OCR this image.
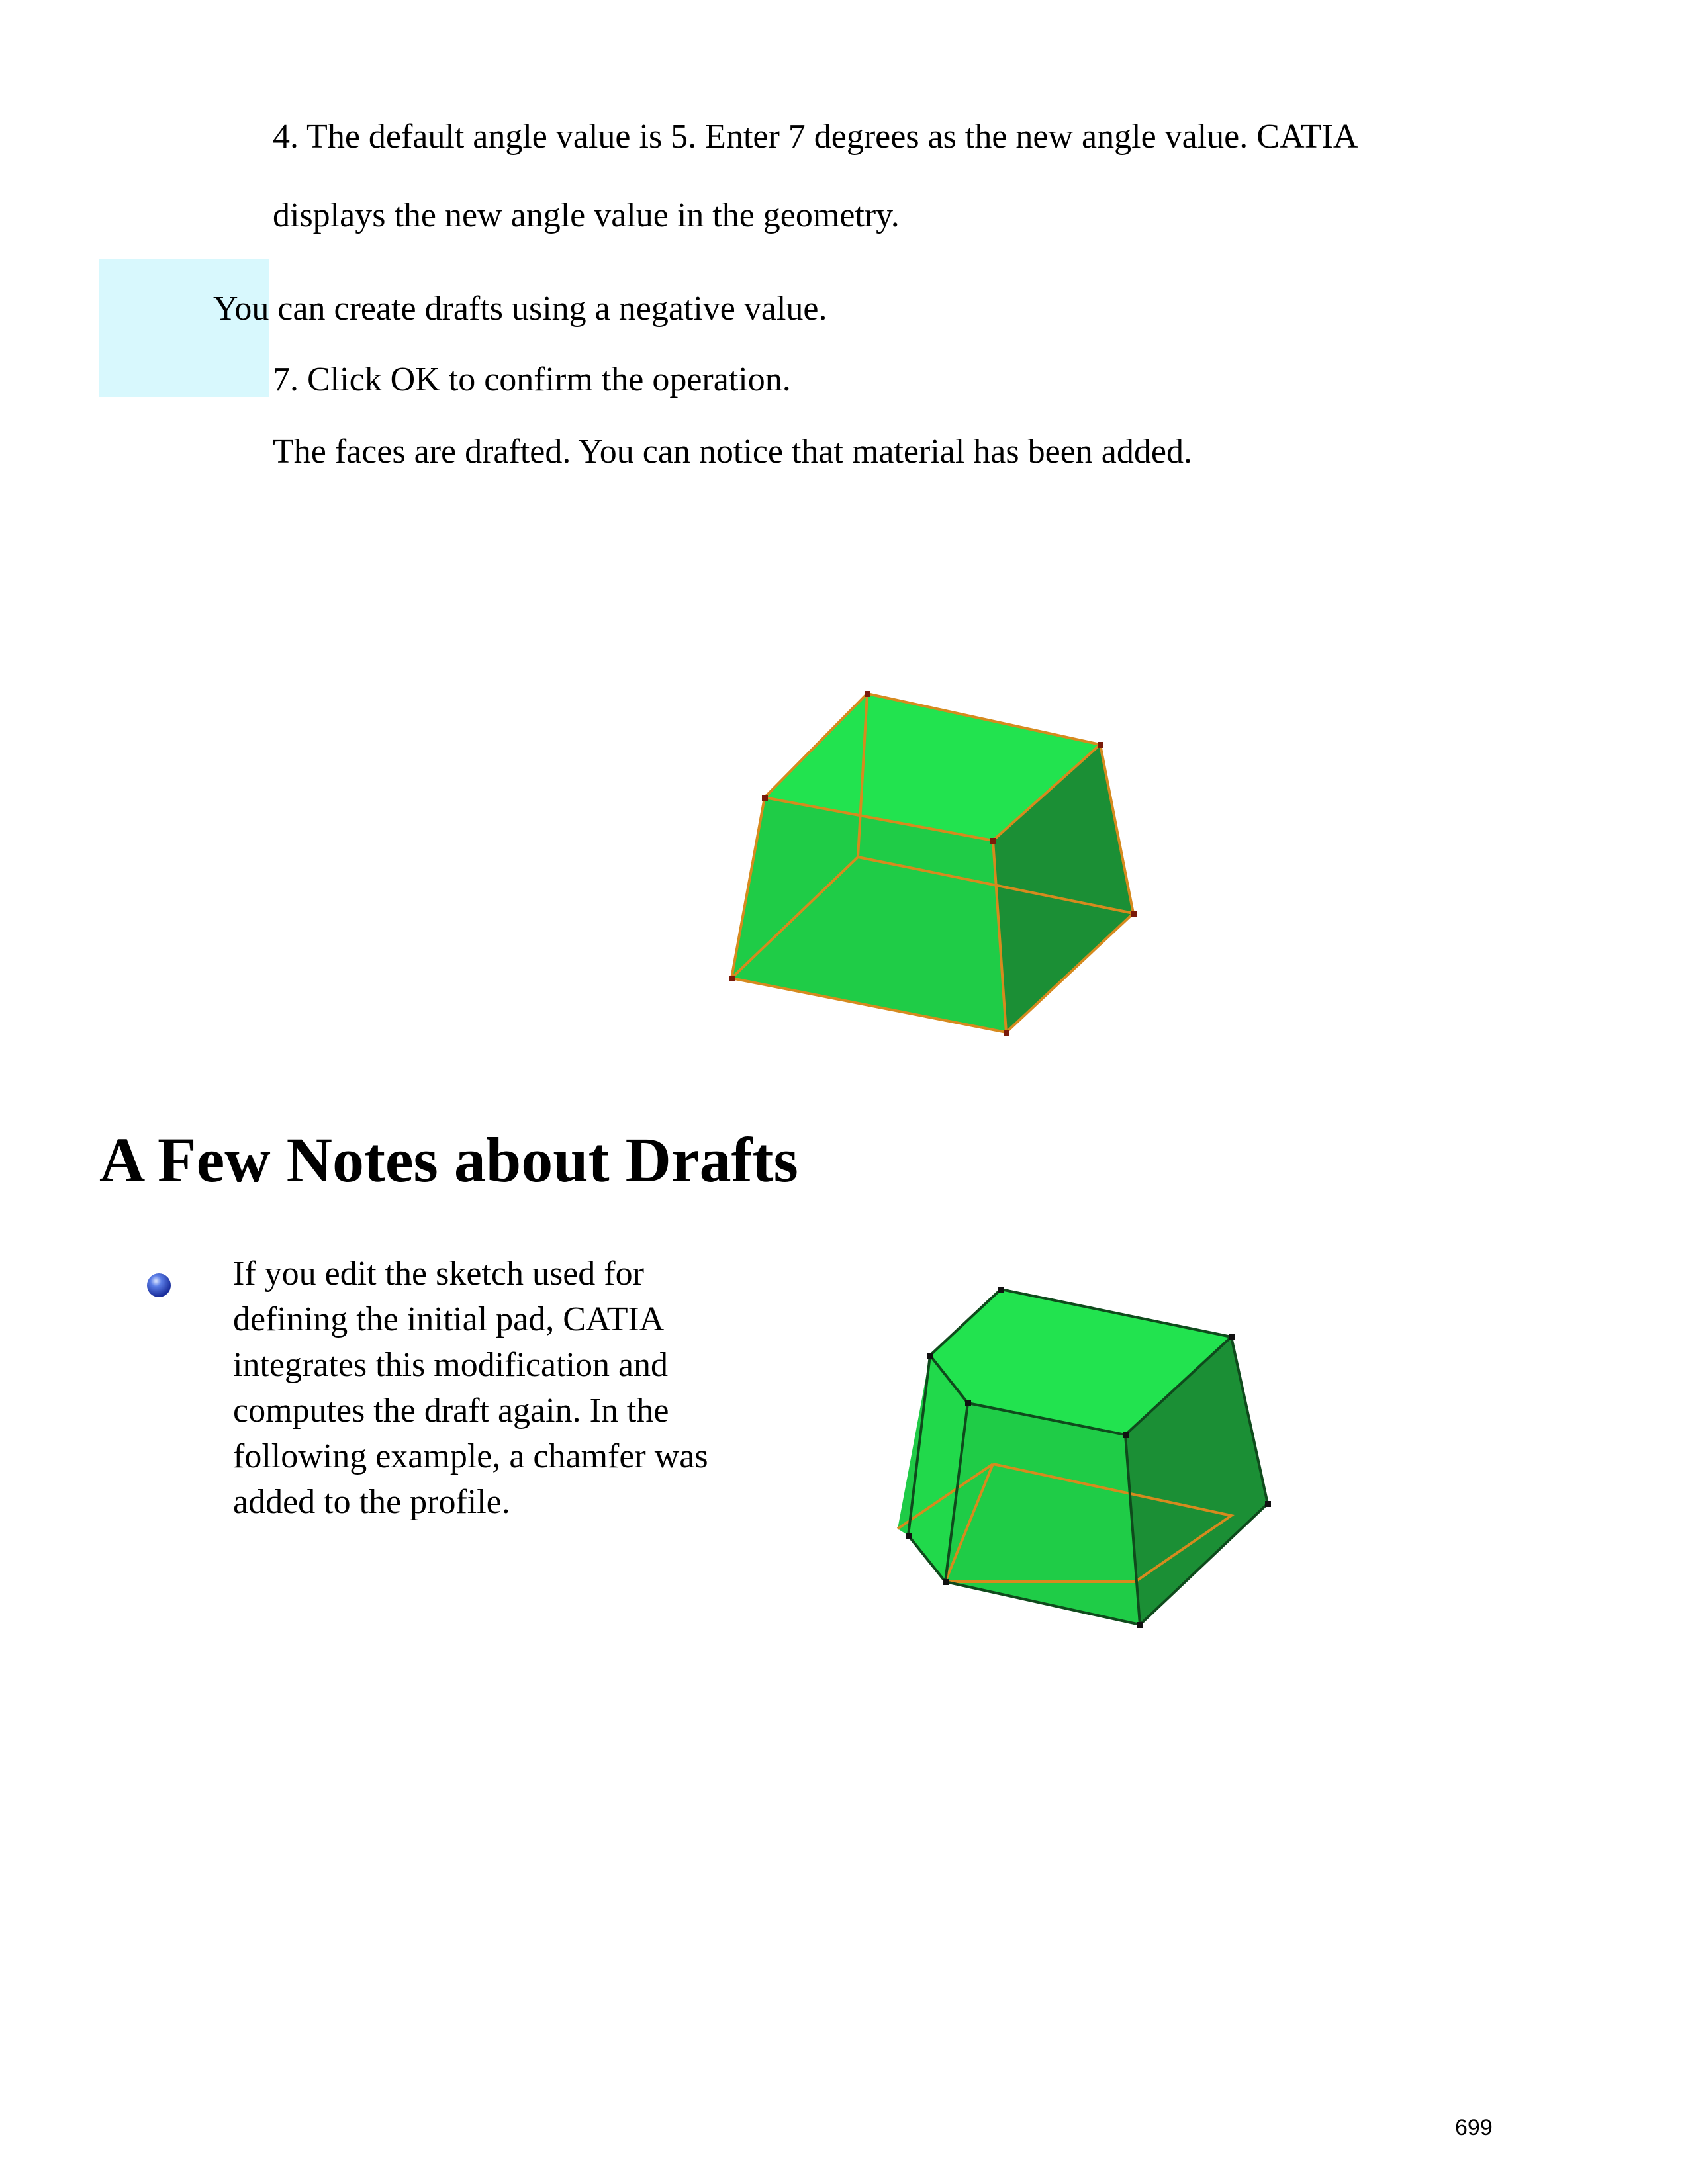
4. The default angle value is 5. Enter 7 degrees as the new angle value. CATIA
displays the new angle value in the geometry.
You can create drafts using a negative value.
7. Click OK to confirm the operation.
The faces are drafted. You can notice that material has been added.
A Few Notes about Drafts
If you edit the sketch used for
defining the initial pad, CATIA
integrates this modification and
computes the draft again. In the
following example, a chamfer was
added to the profile.
699
